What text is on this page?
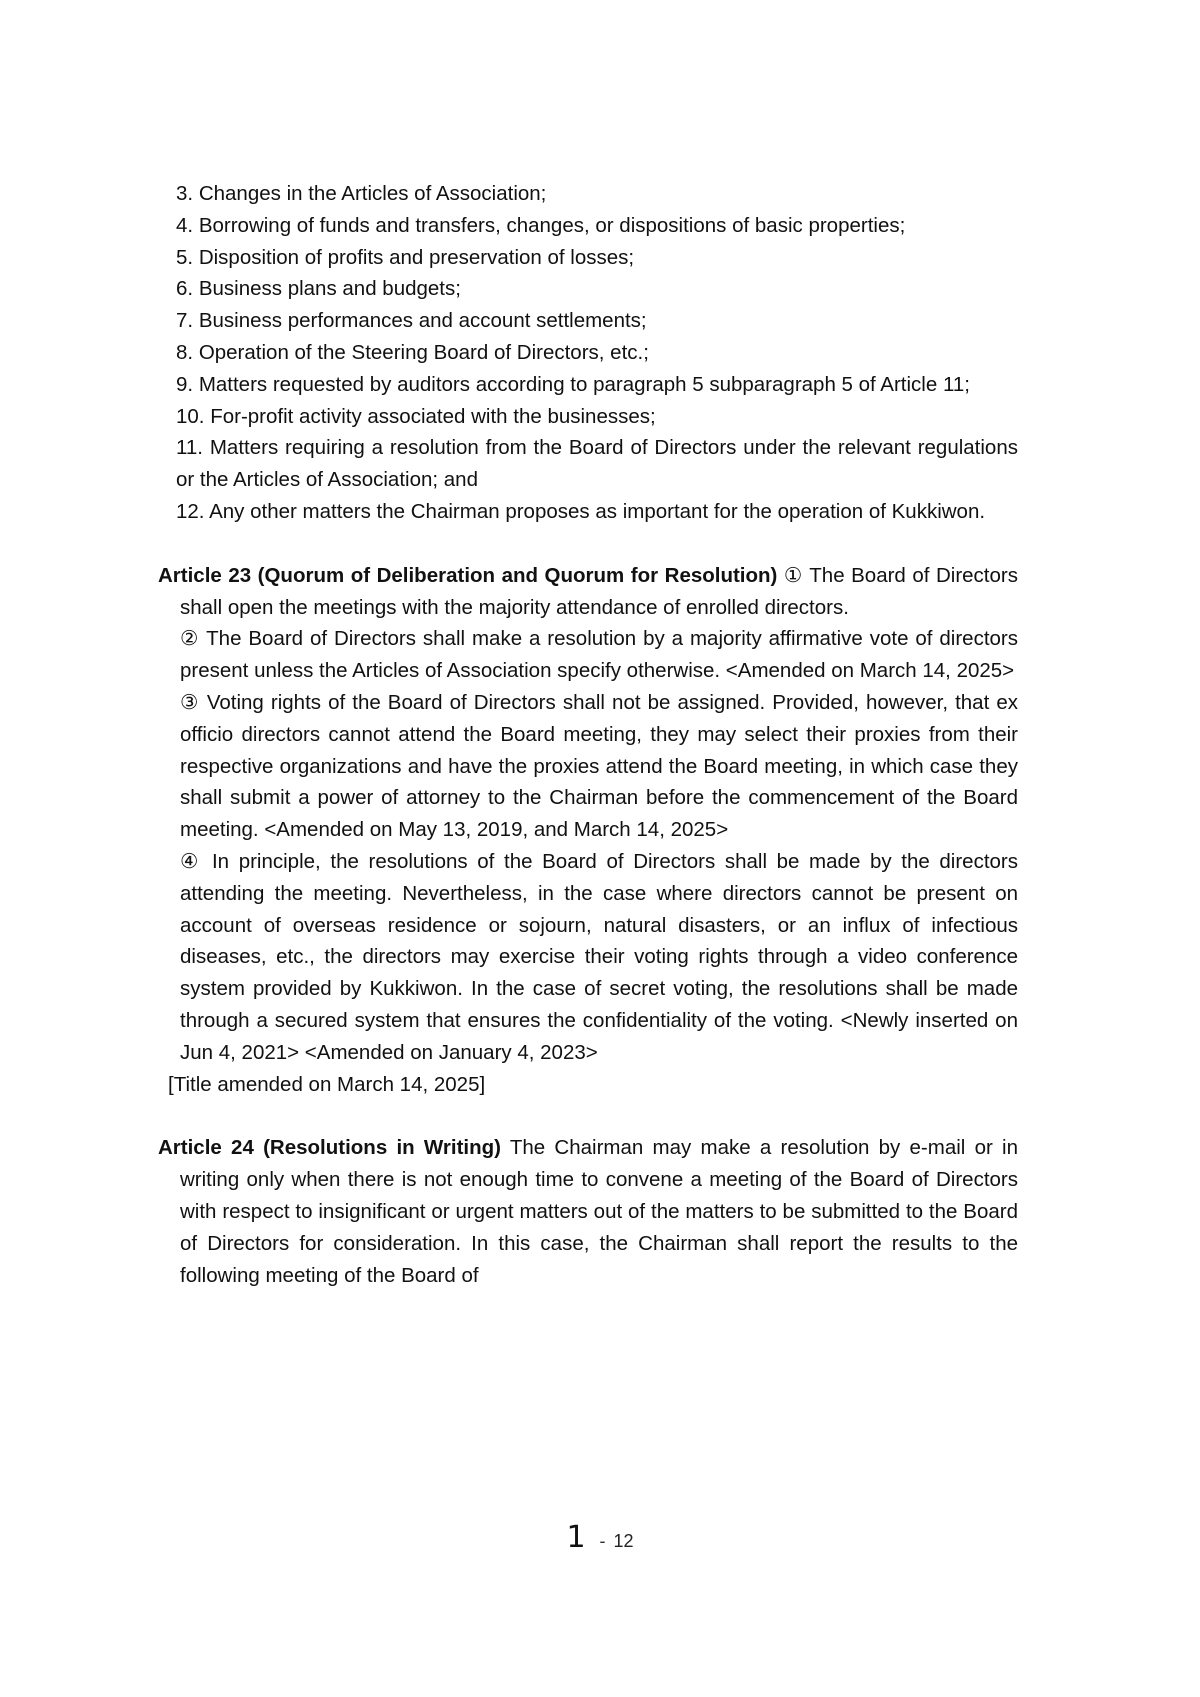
3. Changes in the Articles of Association;
4. Borrowing of funds and transfers, changes, or dispositions of basic properties;
5. Disposition of profits and preservation of losses;
6. Business plans and budgets;
7. Business performances and account settlements;
8. Operation of the Steering Board of Directors, etc.;
9. Matters requested by auditors according to paragraph 5 subparagraph 5 of Article 11;
10. For-profit activity associated with the businesses;
11. Matters requiring a resolution from the Board of Directors under the relevant regulations or the Articles of Association; and
12. Any other matters the Chairman proposes as important for the operation of Kukkiwon.
Article 23 (Quorum of Deliberation and Quorum for Resolution) ① The Board of Directors shall open the meetings with the majority attendance of enrolled directors.
② The Board of Directors shall make a resolution by a majority affirmative vote of directors present unless the Articles of Association specify otherwise. <Amended on March 14, 2025>
③ Voting rights of the Board of Directors shall not be assigned. Provided, however, that ex officio directors cannot attend the Board meeting, they may select their proxies from their respective organizations and have the proxies attend the Board meeting, in which case they shall submit a power of attorney to the Chairman before the commencement of the Board meeting. <Amended on May 13, 2019, and March 14, 2025>
④ In principle, the resolutions of the Board of Directors shall be made by the directors attending the meeting. Nevertheless, in the case where directors cannot be present on account of overseas residence or sojourn, natural disasters, or an influx of infectious diseases, etc., the directors may exercise their voting rights through a video conference system provided by Kukkiwon. In the case of secret voting, the resolutions shall be made through a secured system that ensures the confidentiality of the voting. <Newly inserted on Jun 4, 2021> <Amended on January 4, 2023>
[Title amended on March 14, 2025]
Article 24 (Resolutions in Writing) The Chairman may make a resolution by e-mail or in writing only when there is not enough time to convene a meeting of the Board of Directors with respect to insignificant or urgent matters out of the matters to be submitted to the Board of Directors for consideration. In this case, the Chairman shall report the results to the following meeting of the Board of
1 - 12
